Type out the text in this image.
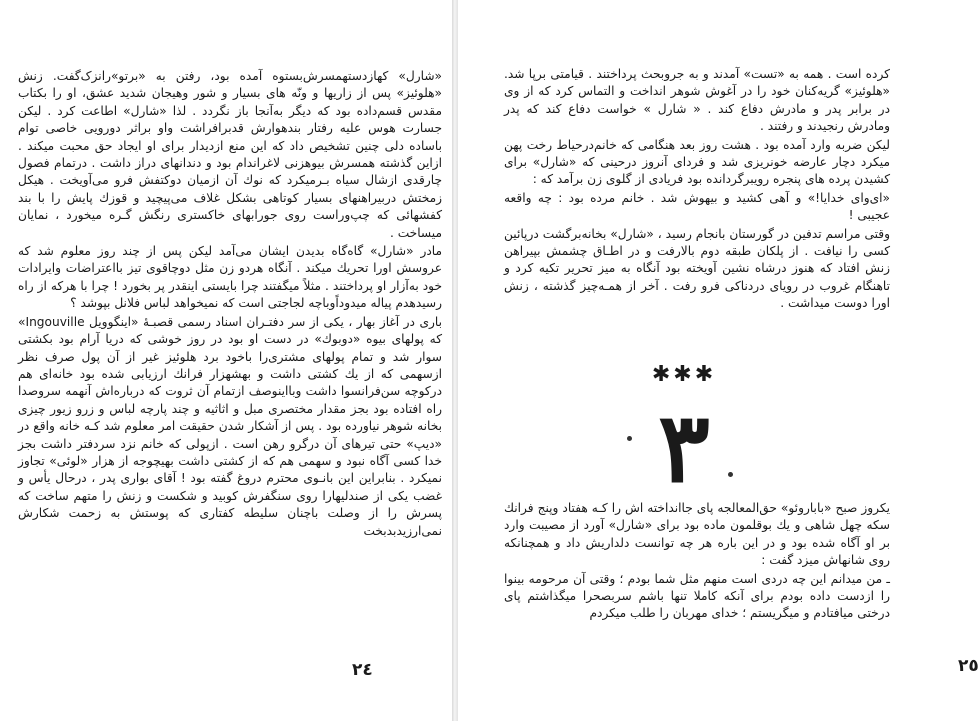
«شارل» کهازدستهمسرش‌بستوه آمده بود، رفتن به «برتو»رانزک‌گفت. زنش «هلوئیز» پس از زاریها و ونّه های بسیار و شور وهیجان شدید عشق، او را بکتاب مقدس قسم‌داده بود که دیگر به‌آنجا باز نگردد . لذا «شارل» اطاعت کرد . لیکن جسارت هوس علیه رفتار بندهوارش قدبرافراشت واو براثر دورویی خاصی توام باساده دلی چنین تشخیص داد که این منع ازدیدار برای او ایجاد حق محبت میکند . ازاین گذشته همسرش بیوهزنی لاغراندام بود و دندانهای دراز داشت . درتمام فصول چارقدی ازشال سیاه بـرمیکرد که نوك آن ازمیان دوکتفش فرو می‌آویخت . هیکل زمختش دربیراهنهای بسیار کوتاهی بشکل غلاف می‌پیچید و قوزك پایش را با بند کفشهائی که چپ‌وراست روی جورابهای خاکستری رنگش گـره میخورد ، نمایان میساخت .

مادر «شارل» گاه‌گاه بدیدن ایشان می‌آمد لیکن پس از چند روز معلوم شد که عروسش اورا تحریك میکند . آنگاه هردو زن مثل دوچاقوی تیز بااعتراضات وایرادات خود به‌آزار او پرداختند . مثلاً میگفتند چرا بایستی اینقدر پر بخورد ! چرا با هرکه از راه رسیدهدم پیاله میدوداًوباچه لجاجتی است که نمیخواهد لباس فلانل بپوشد ؟

باری در آغاز بهار ، یکی از سر دفتـران اسناد رسمی قصبـهٔ «اینگوویل Ingouville» که پولهای بیوه «دوبوك» در دست او بود در روز خوشی که دریا آرام بود بکشتی سوار شد و تمام پولهای مشتری‌را باخود برد هلوئیز غیر از آن پول صرف نظر ازسهمی که از یك کشتی داشت و بهشهزار فرانك ارزیابی شده بود خانه‌ای هم درکوچه سن‌فرانسوا داشت وبااینوصف ازتمام آن ثروت که درباره‌اش آنهمه سروصدا راه افتاده بود بجز مقدار مختصری مبل و اثاثیه و چند پارچه لباس و زرو زیور چیزی بخانه شوهر نیاورده بود . پس از آشکار شدن حقیقت امر معلوم شد کـه خانه واقع در «دیپ» حتی تیرهای آن درگرو رهن است . ازپولی که خانم نزد سردفتر داشت بجز خدا کسی آگاه نبود و سهمی هم که از کشتی داشت بهیچوجه از هزار «لوئی» تجاوز نمیکرد . بنابراین این بانـوی محترم دروغ گفته بود ! آقای بواری پدر ، درحال یأس و غضب یکی از صندلیهارا روی سنگفرش کوبید و شکست و زنش را متهم ساخت که پسرش را از وصلت باچنان سلیطه کفتاری که پوستش به زحمت شکارش نمی‌ارزیدبدبخت

۲٤

کرده است . همه به «تست» آمدند و به جروبحث پرداختند . قیامتی برپا شد. «هلوئیز» گریه‌کنان خود را در آغوش شوهر انداخت و التماس کرد که از وی در برابر پدر و مادرش دفاع کند . « شارل » خواست دفاع کند که پدر ومادرش رنجیدند و رفتند .

لیکن ضربه وارد آمده بود . هشت روز بعد هنگامی که خانم‌درحیاط رخت پهن میکرد دچار عارضه خونریزی شد و فردای آنروز درحینی که «شارل» برای کشیدن پرده های پنجره رویبرگردانده بود فریادی از گلوی زن برآمد که :

«ای‌وای خدایا!» و آهی کشید و بیهوش شد . خانم مرده بود : چه واقعه عجیبی !

وقتی مراسم تدفین در گورستان بانجام رسید ، «شارل» بخانه‌برگشت درپائین کسی را نیافت . از پلکان طبقه دوم بالارفت و در اطـاق چشمش بپیراهن زنش افتاد که هنوز درشاه نشین آویخته بود آنگاه به میز تحریر تکیه کرد و تاهنگام غروب در رویای دردناکی فرو رفت . آخر از همـه‌چیز گذشته ، زنش اورا دوست میداشت .

✱✱✱
۳

یکروز صبح «باباروئو» حق‌المعالجه پای جاانداخته اش را کـه هفتاد وپنج فرانك سکه چهل شاهی و یك بوقلمون ماده بود برای «شارل» آورد از مصیبت وارد بر او آگاه شده بود و در این باره هر چه توانست دلداریش داد و همچنانکه روی شانهاش میزد گفت :

ـ من میدانم این چه دردی است منهم مثل شما بودم ؛ وقتی آن مرحومه بینوا را ازدست داده بودم برای آنکه کاملا تنها باشم سربصحرا میگذاشتم پای درختی میافتادم و میگریستم ؛ خدای مهربان را طلب میکردم

۲٥
